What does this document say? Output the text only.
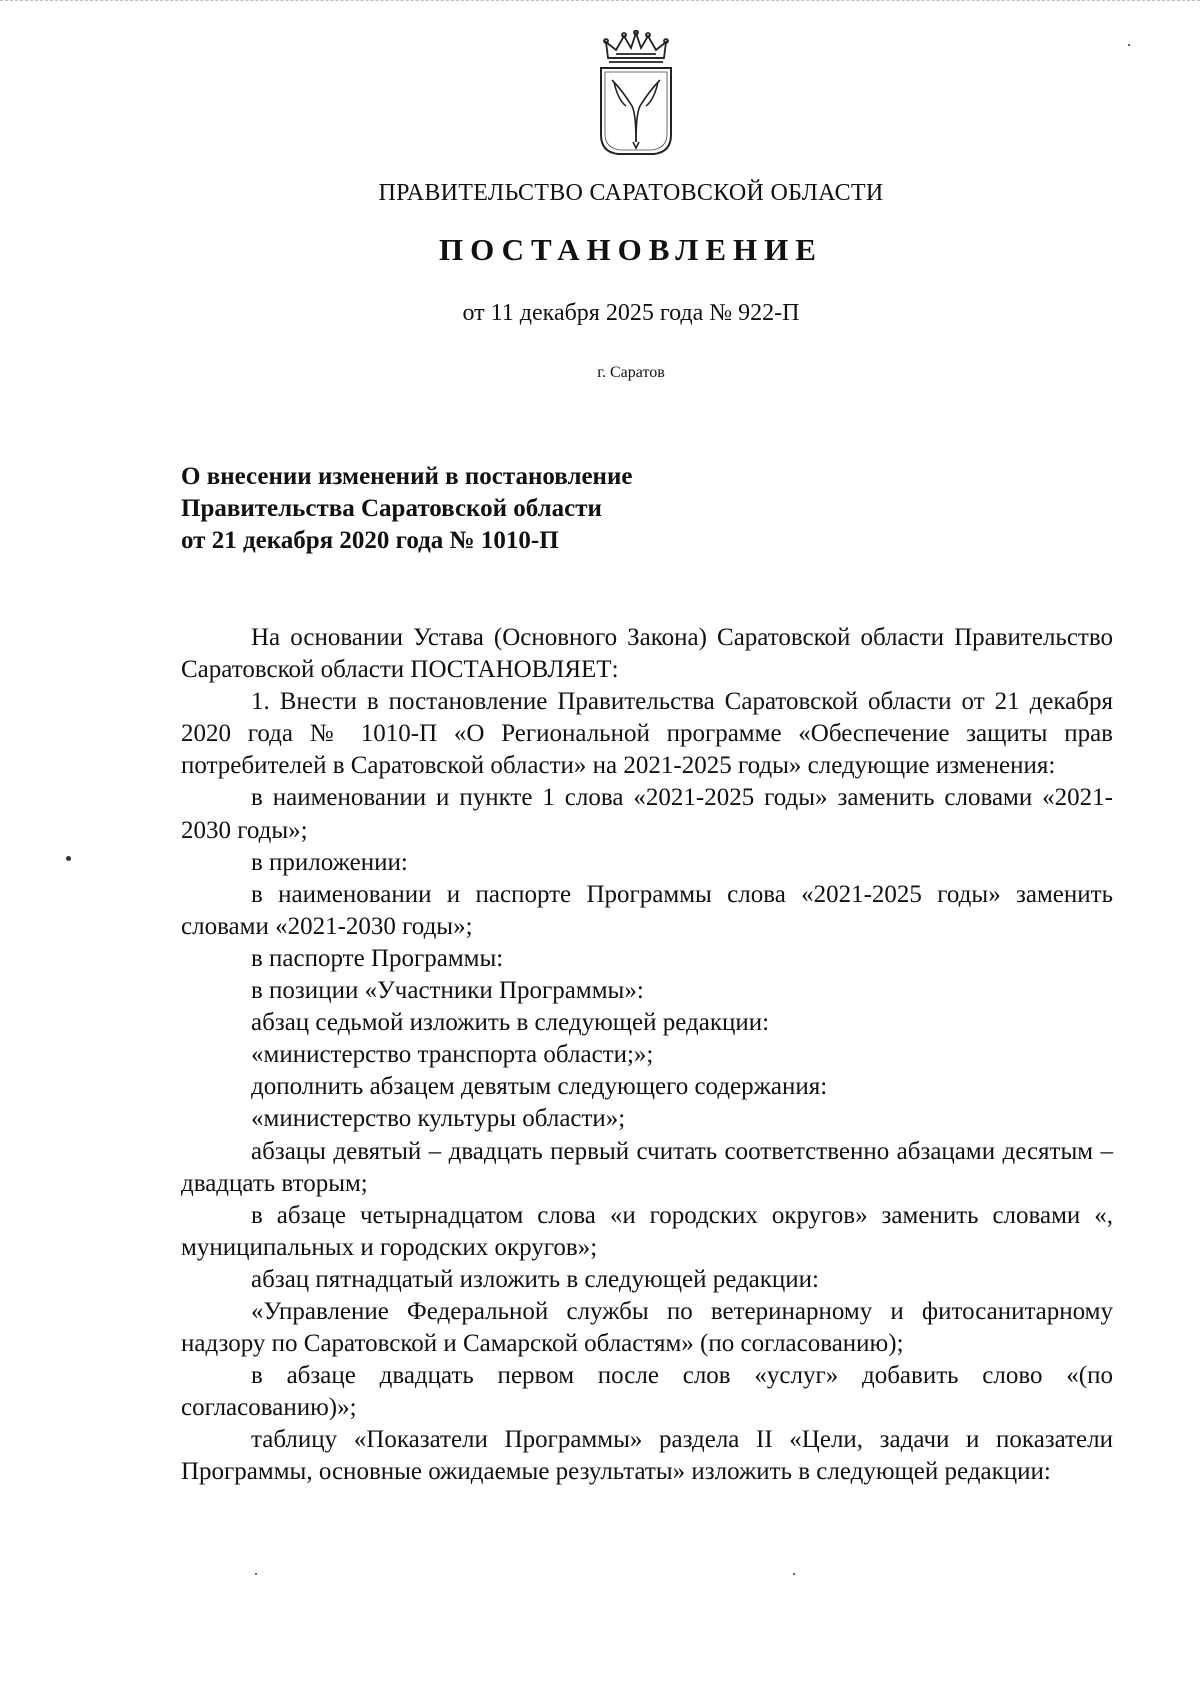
ПРАВИТЕЛЬСТВО САРАТОВСКОЙ ОБЛАСТИ
ПОСТАНОВЛЕНИЕ
от 11 декабря 2025 года № 922-П
г. Саратов
О внесении изменений в постановление
Правительства Саратовской области
от 21 декабря 2020 года № 1010-П

На основании Устава (Основного Закона) Саратовской области Правительство Саратовской области ПОСТАНОВЛЯЕТ:

1. Внести в постановление Правительства Саратовской области от 21 декабря 2020 года № 1010-П «О Региональной программе «Обеспечение защиты прав потребителей в Саратовской области» на 2021-2025 годы» следующие изменения:

в наименовании и пункте 1 слова «2021-2025 годы» заменить словами «2021-2030 годы»;

в приложении:

в наименовании и паспорте Программы слова «2021-2025 годы» заменить словами «2021-2030 годы»;

в паспорте Программы:

в позиции «Участники Программы»:

абзац седьмой изложить в следующей редакции:

«министерство транспорта области;»;

дополнить абзацем девятым следующего содержания:

«министерство культуры области»;

абзацы девятый – двадцать первый считать соответственно абзацами десятым – двадцать вторым;

в абзаце четырнадцатом слова «и городских округов» заменить словами «, муниципальных и городских округов»;

абзац пятнадцатый изложить в следующей редакции:

«Управление Федеральной службы по ветеринарному и фитосанитарному надзору по Саратовской и Самарской областям» (по согласованию);

в абзаце двадцать первом после слов «услуг» добавить слово «(по согласованию)»;

таблицу «Показатели Программы» раздела II «Цели, задачи и показатели Программы, основные ожидаемые результаты» изложить в следующей редакции:
